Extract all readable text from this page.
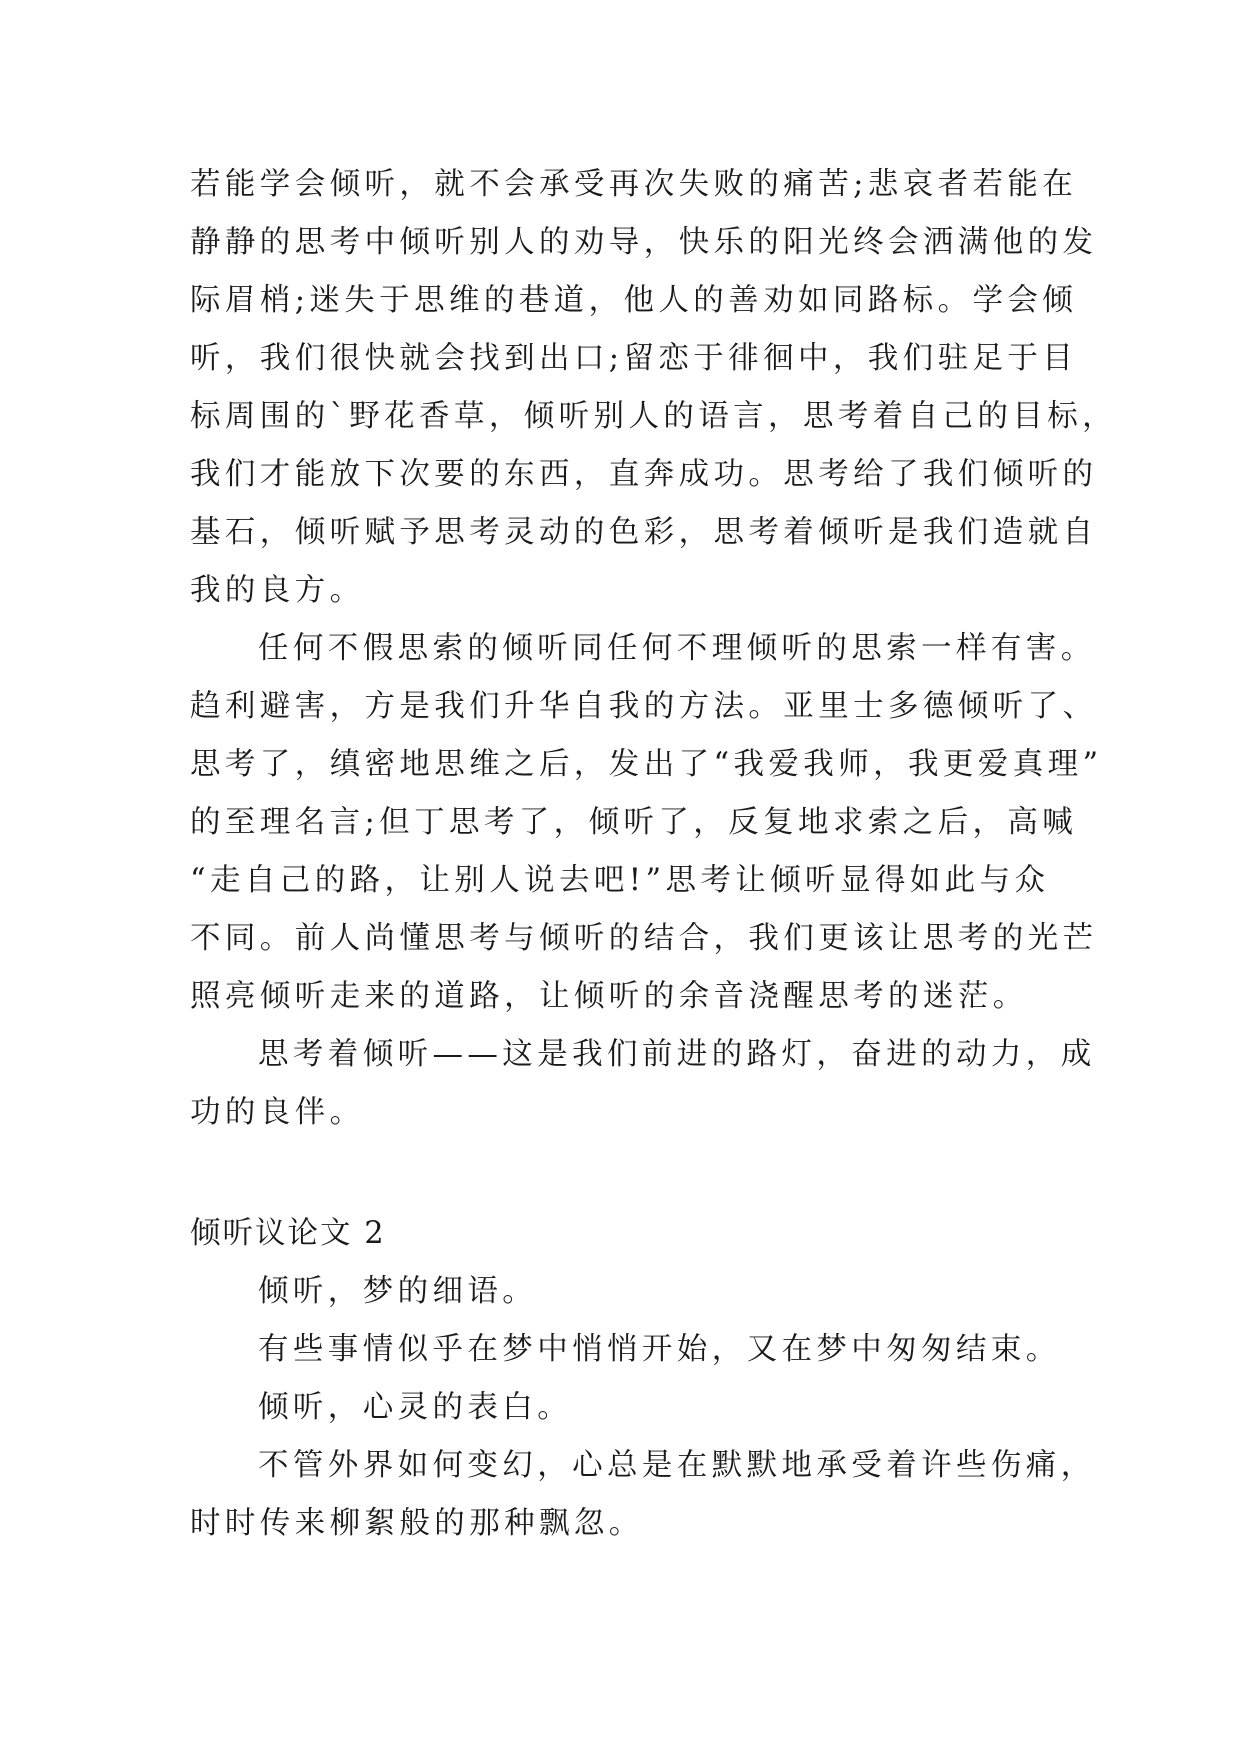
若能学会倾听，就不会承受再次失败的痛苦;悲哀者若能在
静静的思考中倾听别人的劝导，快乐的阳光终会洒满他的发
际眉梢;迷失于思维的巷道，他人的善劝如同路标。学会倾
听，我们很快就会找到出口;留恋于徘徊中，我们驻足于目
标周围的`野花香草，倾听别人的语言，思考着自己的目标，
我们才能放下次要的东西，直奔成功。思考给了我们倾听的
基石，倾听赋予思考灵动的色彩，思考着倾听是我们造就自
我的良方。
任何不假思索的倾听同任何不理倾听的思索一样有害。
趋利避害，方是我们升华自我的方法。亚里士多德倾听了、
思考了，缜密地思维之后，发出了“我爱我师，我更爱真理”
的至理名言;但丁思考了，倾听了，反复地求索之后，高喊
“走自己的路，让别人说去吧!”思考让倾听显得如此与众
不同。前人尚懂思考与倾听的结合，我们更该让思考的光芒
照亮倾听走来的道路，让倾听的余音浇醒思考的迷茫。
思考着倾听——这是我们前进的路灯，奋进的动力，成
功的良伴。
倾听议论文 2
倾听，梦的细语。
有些事情似乎在梦中悄悄开始，又在梦中匆匆结束。
倾听，心灵的表白。
不管外界如何变幻，心总是在默默地承受着许些伤痛，
时时传来柳絮般的那种飘忽。
